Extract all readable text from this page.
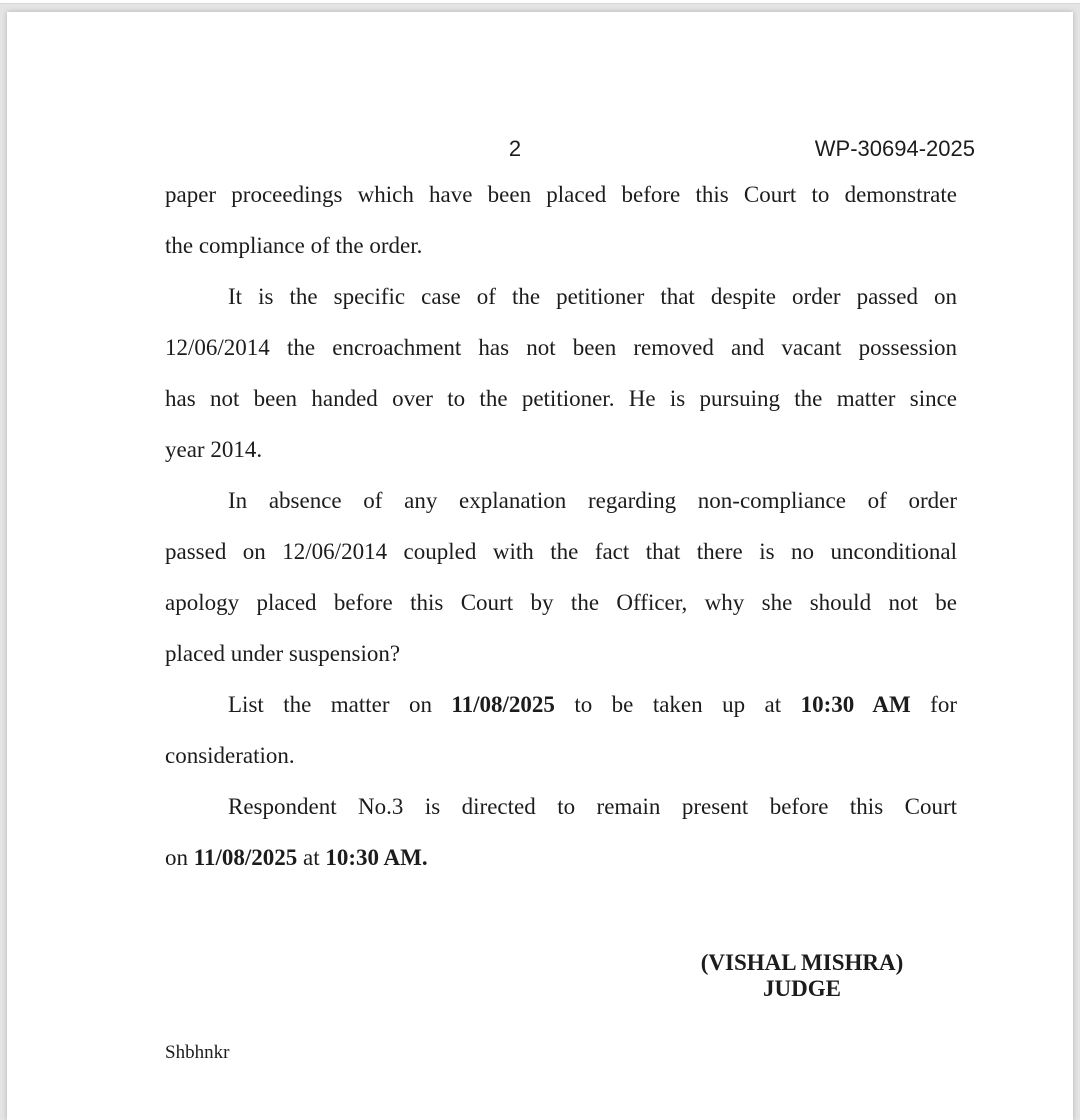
2	WP-30694-2025
paper proceedings which have been placed before this Court to demonstrate
the compliance of the order.
It is the specific case of the petitioner that despite order passed on
12/06/2014 the encroachment has not been removed and vacant possession
has not been handed over to the petitioner. He is pursuing the matter since
year 2014.
In absence of any explanation regarding non-compliance of order
passed on 12/06/2014 coupled with the fact that there is no unconditional
apology placed before this Court by the Officer, why she should not be
placed under suspension?
List the matter on 11/08/2025 to be taken up at 10:30 AM for
consideration.
Respondent No.3 is directed to remain present before this Court
on 11/08/2025 at 10:30 AM.
(VISHAL MISHRA)
JUDGE
Shbhnkr
